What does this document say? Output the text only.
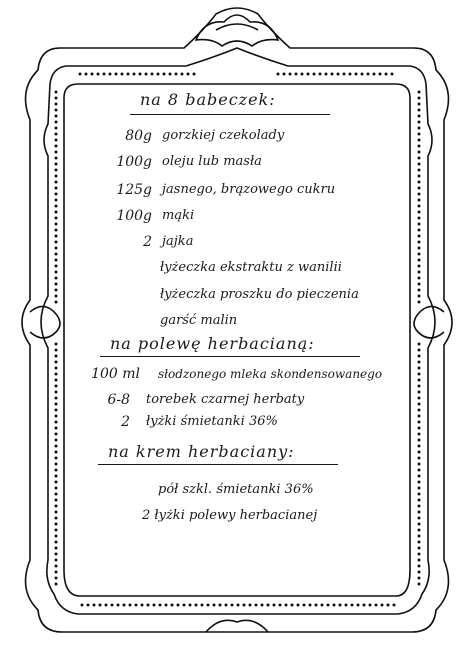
na 8 babeczek:
80g gorzkiej czekolady
100g oleju lub masła
125g jasnego, brązowego cukru
100g mąki
2 jajka
łyżeczka ekstraktu z wanilii
łyżeczka proszku do pieczenia
garść malin
na polewę herbacianą:
100 ml słodzonego mleka skondensowanego
6-8 torebek czarnej herbaty
2 łyżki śmietanki 36%
na krem herbaciany:
pół szkl. śmietanki 36%
2 łyżki polewy herbacianej
